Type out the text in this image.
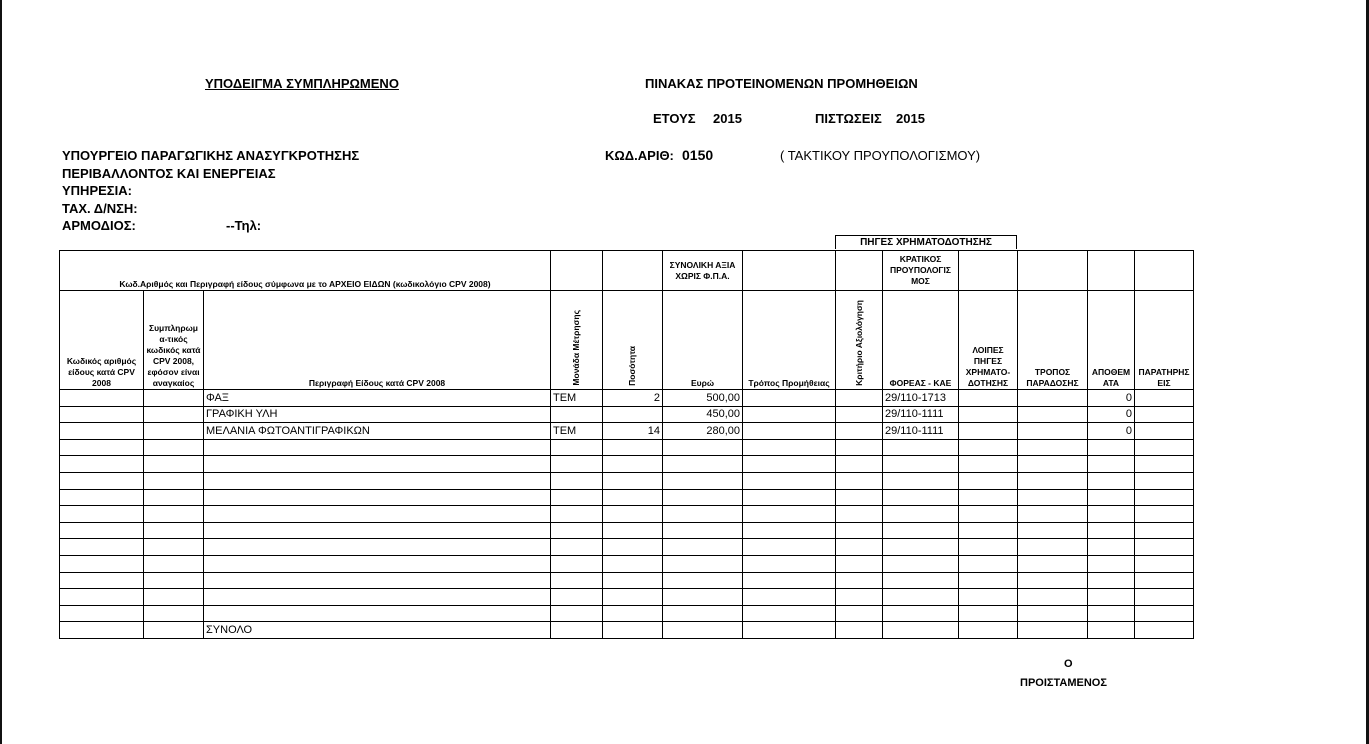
ΥΠΟΔΕΙΓΜΑ ΣΥΜΠΛΗΡΩΜΕΝΟ	ΠΙΝΑΚΑΣ ΠΡΟΤΕΙΝΟΜΕΝΩΝ ΠΡΟΜΗΘΕΙΩΝ
ΕΤΟΥΣ 2015	ΠΙΣΤΩΣΕΙΣ 2015
ΥΠΟΥΡΓΕΙΟ ΠΑΡΑΓΩΓΙΚΗΣ ΑΝΑΣΥΓΚΡΟΤΗΣΗΣ
ΠΕΡΙΒΑΛΛΟΝΤΟΣ ΚΑΙ ΕΝΕΡΓΕΙΑΣ
ΥΠΗΡΕΣΙΑ:
ΤΑΧ. Δ/ΝΣΗ:
ΑΡΜΟΔΙΟΣ:	--Τηλ:
ΚΩΔ.ΑΡΙΘ: 0150	( ΤΑΚΤΙΚΟΥ ΠΡΟΥΠΟΛΟΓΙΣΜΟΥ)
ΠΗΓΕΣ ΧΡΗΜΑΤΟΔΟΤΗΣΗΣ
Κωδ.Αριθμός και Περιγραφή είδους σύμφωνα με το ΑΡΧΕΙΟ ΕΙΔΩΝ (κωδικολόγιο CPV 2008)					ΣΥΝΟΛΙΚΗ ΑΞΙΑ ΧΩΡΙΣ Φ.Π.Α.			ΚΡΑΤΙΚΟΣ ΠΡΟΥΠΟΛΟΓΙΣ ΜΟΣ				
Κωδικός αριθμός είδους κατά CPV 2008	Συμπληρωμ α-τικός κωδικός κατά CPV 2008, εφόσον είναι αναγκαίος	Περιγραφή Είδους κατά CPV 2008	Μονάδα Μέτρησης	Ποσότητα	Ευρώ	Τρόπος Προμήθειας	Κριτήριο Αξιολόγηση	ΦΟΡΕΑΣ - ΚΑΕ	ΛΟΙΠΕΣ ΠΗΓΕΣ ΧΡΗΜΑΤΟ-ΔΟΤΗΣΗΣ	ΤΡΟΠΟΣ ΠΑΡΑΔΟΣΗΣ	ΑΠΟΘΕΜ ΑΤΑ	ΠΑΡΑΤΗΡΗΣ ΕΙΣ
		ΦΑΞ	ΤΕΜ	2	500,00			29/110-1713			0	
		ΓΡΑΦΙΚΗ ΥΛΗ			450,00			29/110-1111			0	
		ΜΕΛΑΝΙΑ ΦΩΤΟΑΝΤΙΓΡΑΦΙΚΩΝ	ΤΕΜ	14	280,00			29/110-1111			0	

		ΣΥΝΟΛΟ										
Ο
ΠΡΟΙΣΤΑΜΕΝΟΣ
